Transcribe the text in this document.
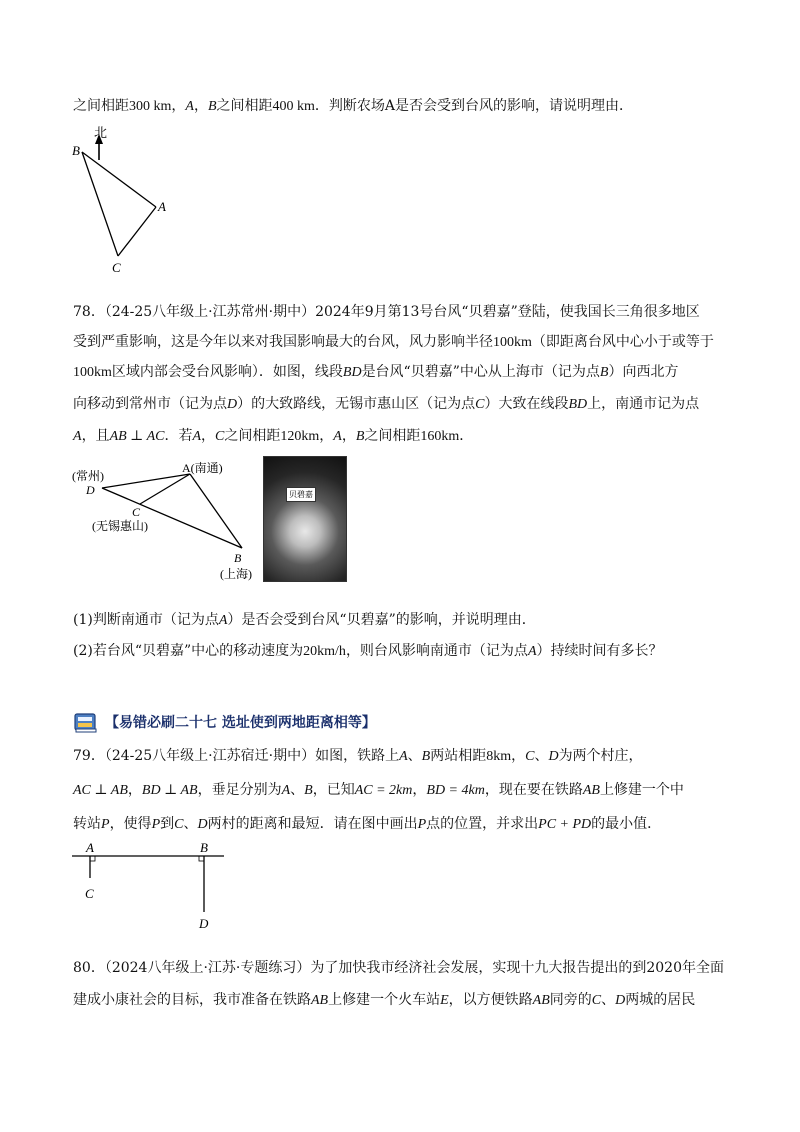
之间相距300 km，A，B之间相距400 km．判断农场A是否会受到台风的影响，请说明理由．
北
B
A
C
78．（24-25八年级上·江苏常州·期中）2024年9月第13号台风“贝碧嘉”登陆，使我国长三角很多地区
受到严重影响，这是今年以来对我国影响最大的台风，风力影响半径100km（即距离台风中心小于或等于
100km区域内部会受台风影响）．如图，线段BD是台风“贝碧嘉”中心从上海市（记为点B）向西北方
向移动到常州市（记为点D）的大致路线，无锡市惠山区（记为点C）大致在线段BD上，南通市记为点
A，且AB ⊥ AC．若A，C之间相距120km，A，B之间相距160km．
(常州)
D
A(南通)
C
(无锡惠山)
B
(上海)
贝碧嘉
(1)判断南通市（记为点A）是否会受到台风“贝碧嘉”的影响，并说明理由．
(2)若台风“贝碧嘉”中心的移动速度为20km/h，则台风影响南通市（记为点A）持续时间有多长？
【易错必刷二十七 选址使到两地距离相等】
79．（24-25八年级上·江苏宿迁·期中）如图，铁路上A、B两站相距8km，C、D为两个村庄，
AC ⊥ AB，BD ⊥ AB，垂足分别为A、B，已知AC = 2km，BD = 4km，现在要在铁路AB上修建一个中
转站P，使得P到C、D两村的距离和最短．请在图中画出P点的位置，并求出PC + PD的最小值．
A	B
C
D
80．（2024八年级上·江苏·专题练习）为了加快我市经济社会发展，实现十九大报告提出的到2020年全面
建成小康社会的目标，我市准备在铁路AB上修建一个火车站E，以方便铁路AB同旁的C、D两城的居民
